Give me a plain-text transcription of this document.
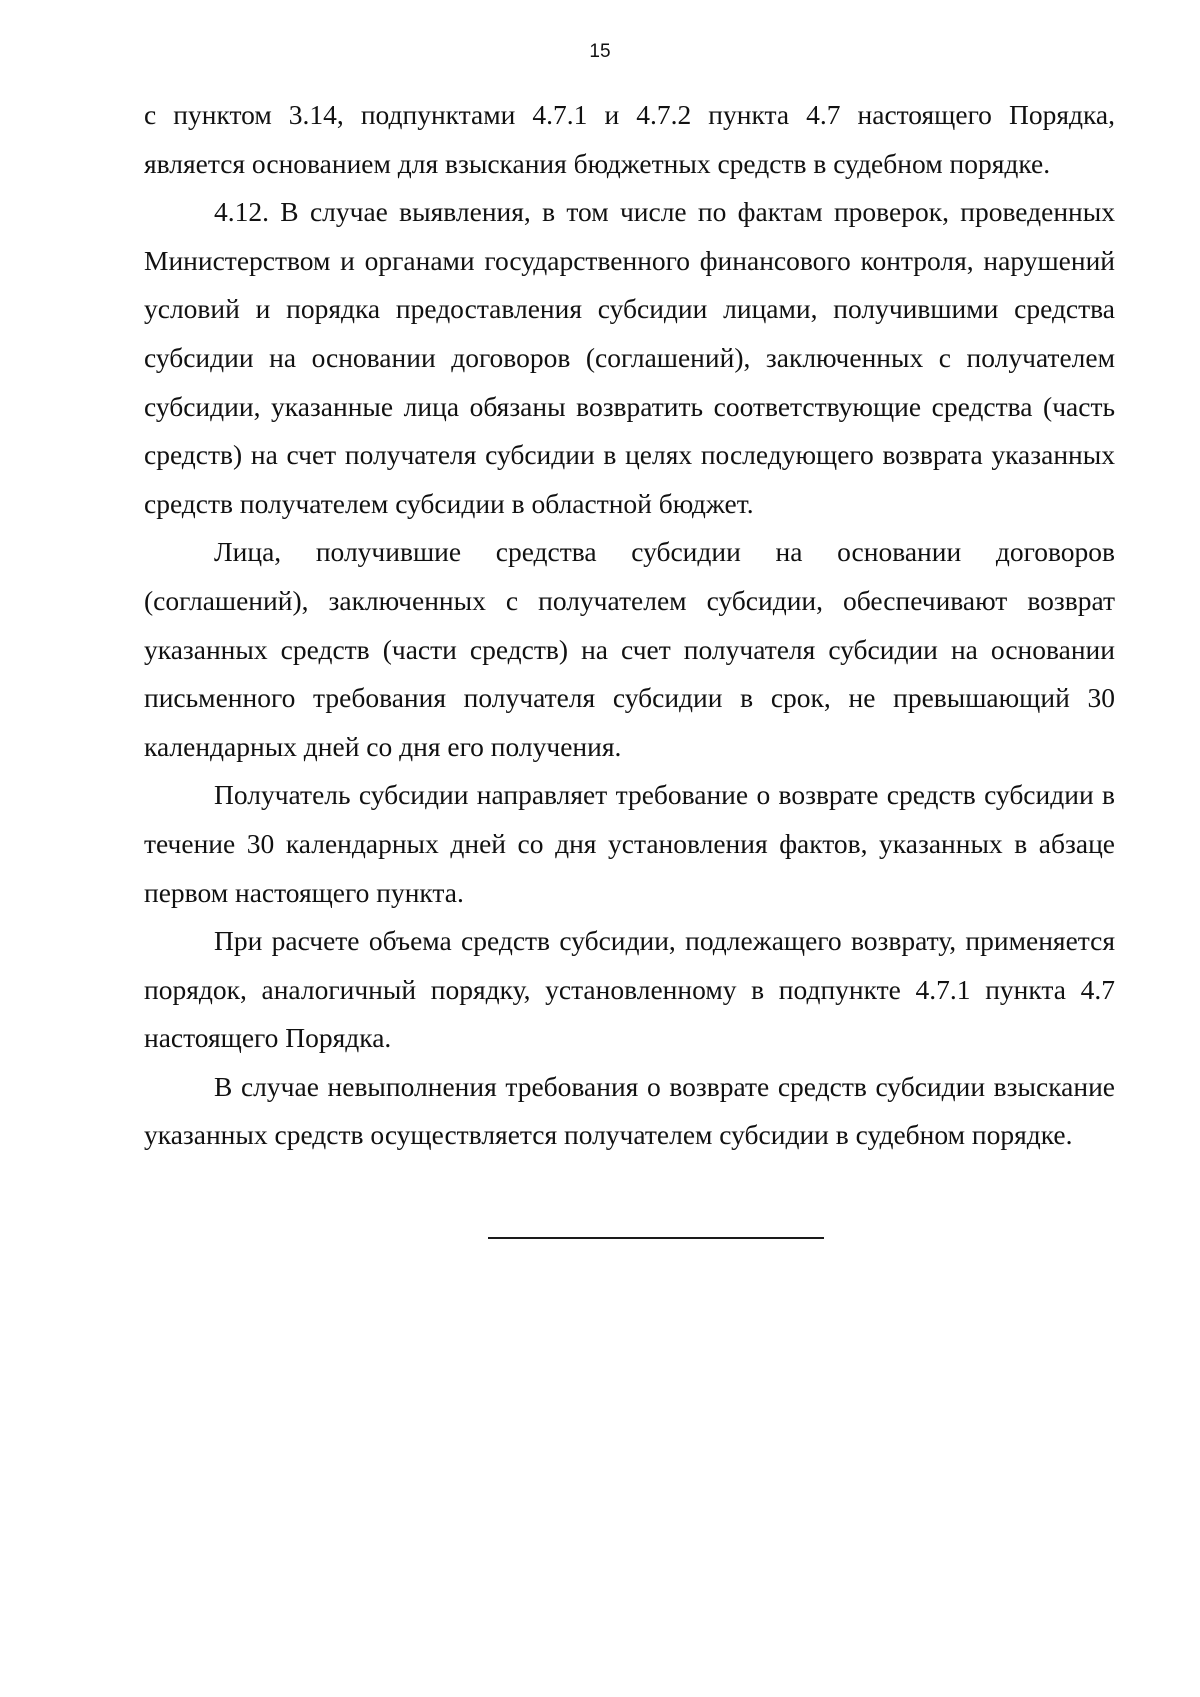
15

с пунктом 3.14, подпунктами 4.7.1 и 4.7.2 пункта 4.7 настоящего Порядка, является основанием для взыскания бюджетных средств в судебном порядке.

4.12. В случае выявления, в том числе по фактам проверок, проведенных Министерством и органами государственного финансового контроля, нарушений условий и порядка предоставления субсидии лицами, получившими средства субсидии на основании договоров (соглашений), заключенных с получателем субсидии, указанные лица обязаны возвратить соответствующие средства (часть средств) на счет получателя субсидии в целях последующего возврата указанных средств получателем субсидии в областной бюджет.

Лица, получившие средства субсидии на основании договоров (соглашений), заключенных с получателем субсидии, обеспечивают возврат указанных средств (части средств) на счет получателя субсидии на основании письменного требования получателя субсидии в срок, не превышающий 30 календарных дней со дня его получения.

Получатель субсидии направляет требование о возврате средств субсидии в течение 30 календарных дней со дня установления фактов, указанных в абзаце первом настоящего пункта.

При расчете объема средств субсидии, подлежащего возврату, применяется порядок, аналогичный порядку, установленному в подпункте 4.7.1 пункта 4.7 настоящего Порядка.

В случае невыполнения требования о возврате средств субсидии взыскание указанных средств осуществляется получателем субсидии в судебном порядке.
